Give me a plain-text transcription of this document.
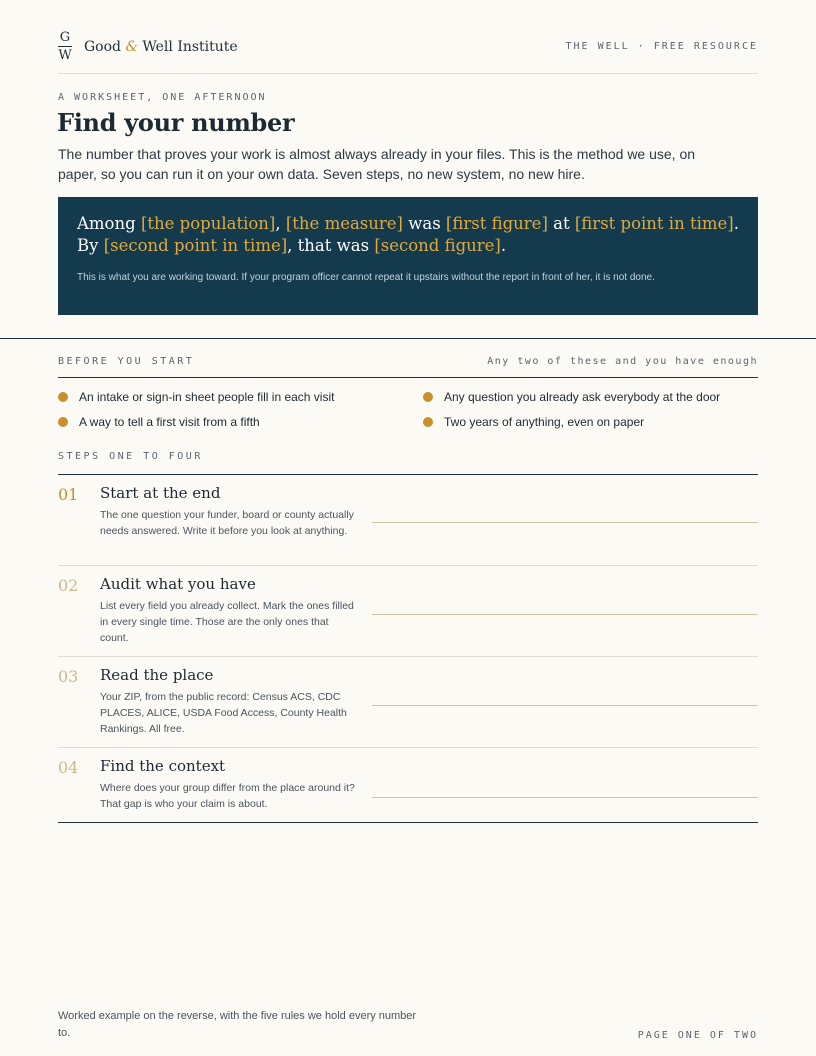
G
W
Good & Well Institute	THE WELL · FREE RESOURCE
A WORKSHEET, ONE AFTERNOON
Find your number

The number that proves your work is almost always already in your files. This is the method we use, on paper, so you can run it on your own data. Seven steps, no new system, no new hire.

Among [the population], [the measure] was [first figure] at [first point in time]. By [second point in time], that was [second figure].

This is what you are working toward. If your program officer cannot repeat it upstairs without the report in front of her, it is not done.

BEFORE YOU START	Any two of these and you have enough
An intake or sign-in sheet people fill in each visit	Any question you already ask everybody at the door
A way to tell a first visit from a fifth	Two years of anything, even on paper
STEPS ONE TO FOUR
01 Start at the end

The one question your funder, board or county actually needs answered. Write it before you look at anything.

02 Audit what you have

List every field you already collect. Mark the ones filled in every single time. Those are the only ones that count.

03 Read the place

Your ZIP, from the public record: Census ACS, CDC PLACES, ALICE, USDA Food Access, County Health Rankings. All free.

04 Find the context

Where does your group differ from the place around it? That gap is who your claim is about.

Worked example on the reverse, with the five rules we hold every number to.	PAGE ONE OF TWO
